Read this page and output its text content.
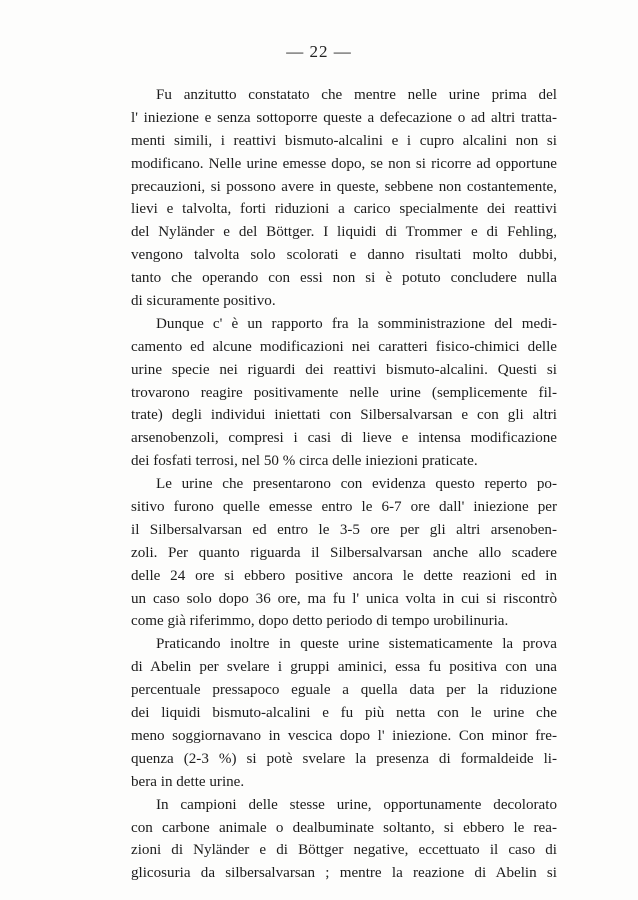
— 22 —
Fu anzitutto constatato che mentre nelle urine prima del
l' iniezione e senza sottoporre queste a defecazione o ad altri tratta-
menti simili, i reattivi bismuto-alcalini e i cupro alcalini non si
modificano. Nelle urine emesse dopo, se non si ricorre ad opportune
precauzioni, si possono avere in queste, sebbene non costantemente,
lievi e talvolta, forti riduzioni a carico specialmente dei reattivi
del Nyländer e del Böttger. I liquidi di Trommer e di Fehling,
vengono talvolta solo scolorati e danno risultati molto dubbi,
tanto che operando con essi non si è potuto concludere nulla
di sicuramente positivo.
Dunque c' è un rapporto fra la somministrazione del medi-
camento ed alcune modificazioni nei caratteri fisico-chimici delle
urine specie nei riguardi dei reattivi bismuto-alcalini. Questi si
trovarono reagire positivamente nelle urine (semplicemente fil-
trate) degli individui iniettati con Silbersalvarsan e con gli altri
arsenobenzoli, compresi i casi di lieve e intensa modificazione
dei fosfati terrosi, nel 50 % circa delle iniezioni praticate.
Le urine che presentarono con evidenza questo reperto po-
sitivo furono quelle emesse entro le 6-7 ore dall' iniezione per
il Silbersalvarsan ed entro le 3-5 ore per gli altri arsenoben-
zoli. Per quanto riguarda il Silbersalvarsan anche allo scadere
delle 24 ore si ebbero positive ancora le dette reazioni ed in
un caso solo dopo 36 ore, ma fu l' unica volta in cui si riscontrò
come già riferimmo, dopo detto periodo di tempo urobilinuria.
Praticando inoltre in queste urine sistematicamente la prova
di Abelin per svelare i gruppi aminici, essa fu positiva con una
percentuale pressapoco eguale a quella data per la riduzione
dei liquidi bismuto-alcalini e fu più netta con le urine che
meno soggiornavano in vescica dopo l' iniezione. Con minor fre-
quenza (2-3 %) si potè svelare la presenza di formaldeide li-
bera in dette urine.
In campioni delle stesse urine, opportunamente decolorato
con carbone animale o dealbuminate soltanto, si ebbero le rea-
zioni di Nyländer e di Böttger negative, eccettuato il caso di
glicosuria da silbersalvarsan ; mentre la reazione di Abelin si
